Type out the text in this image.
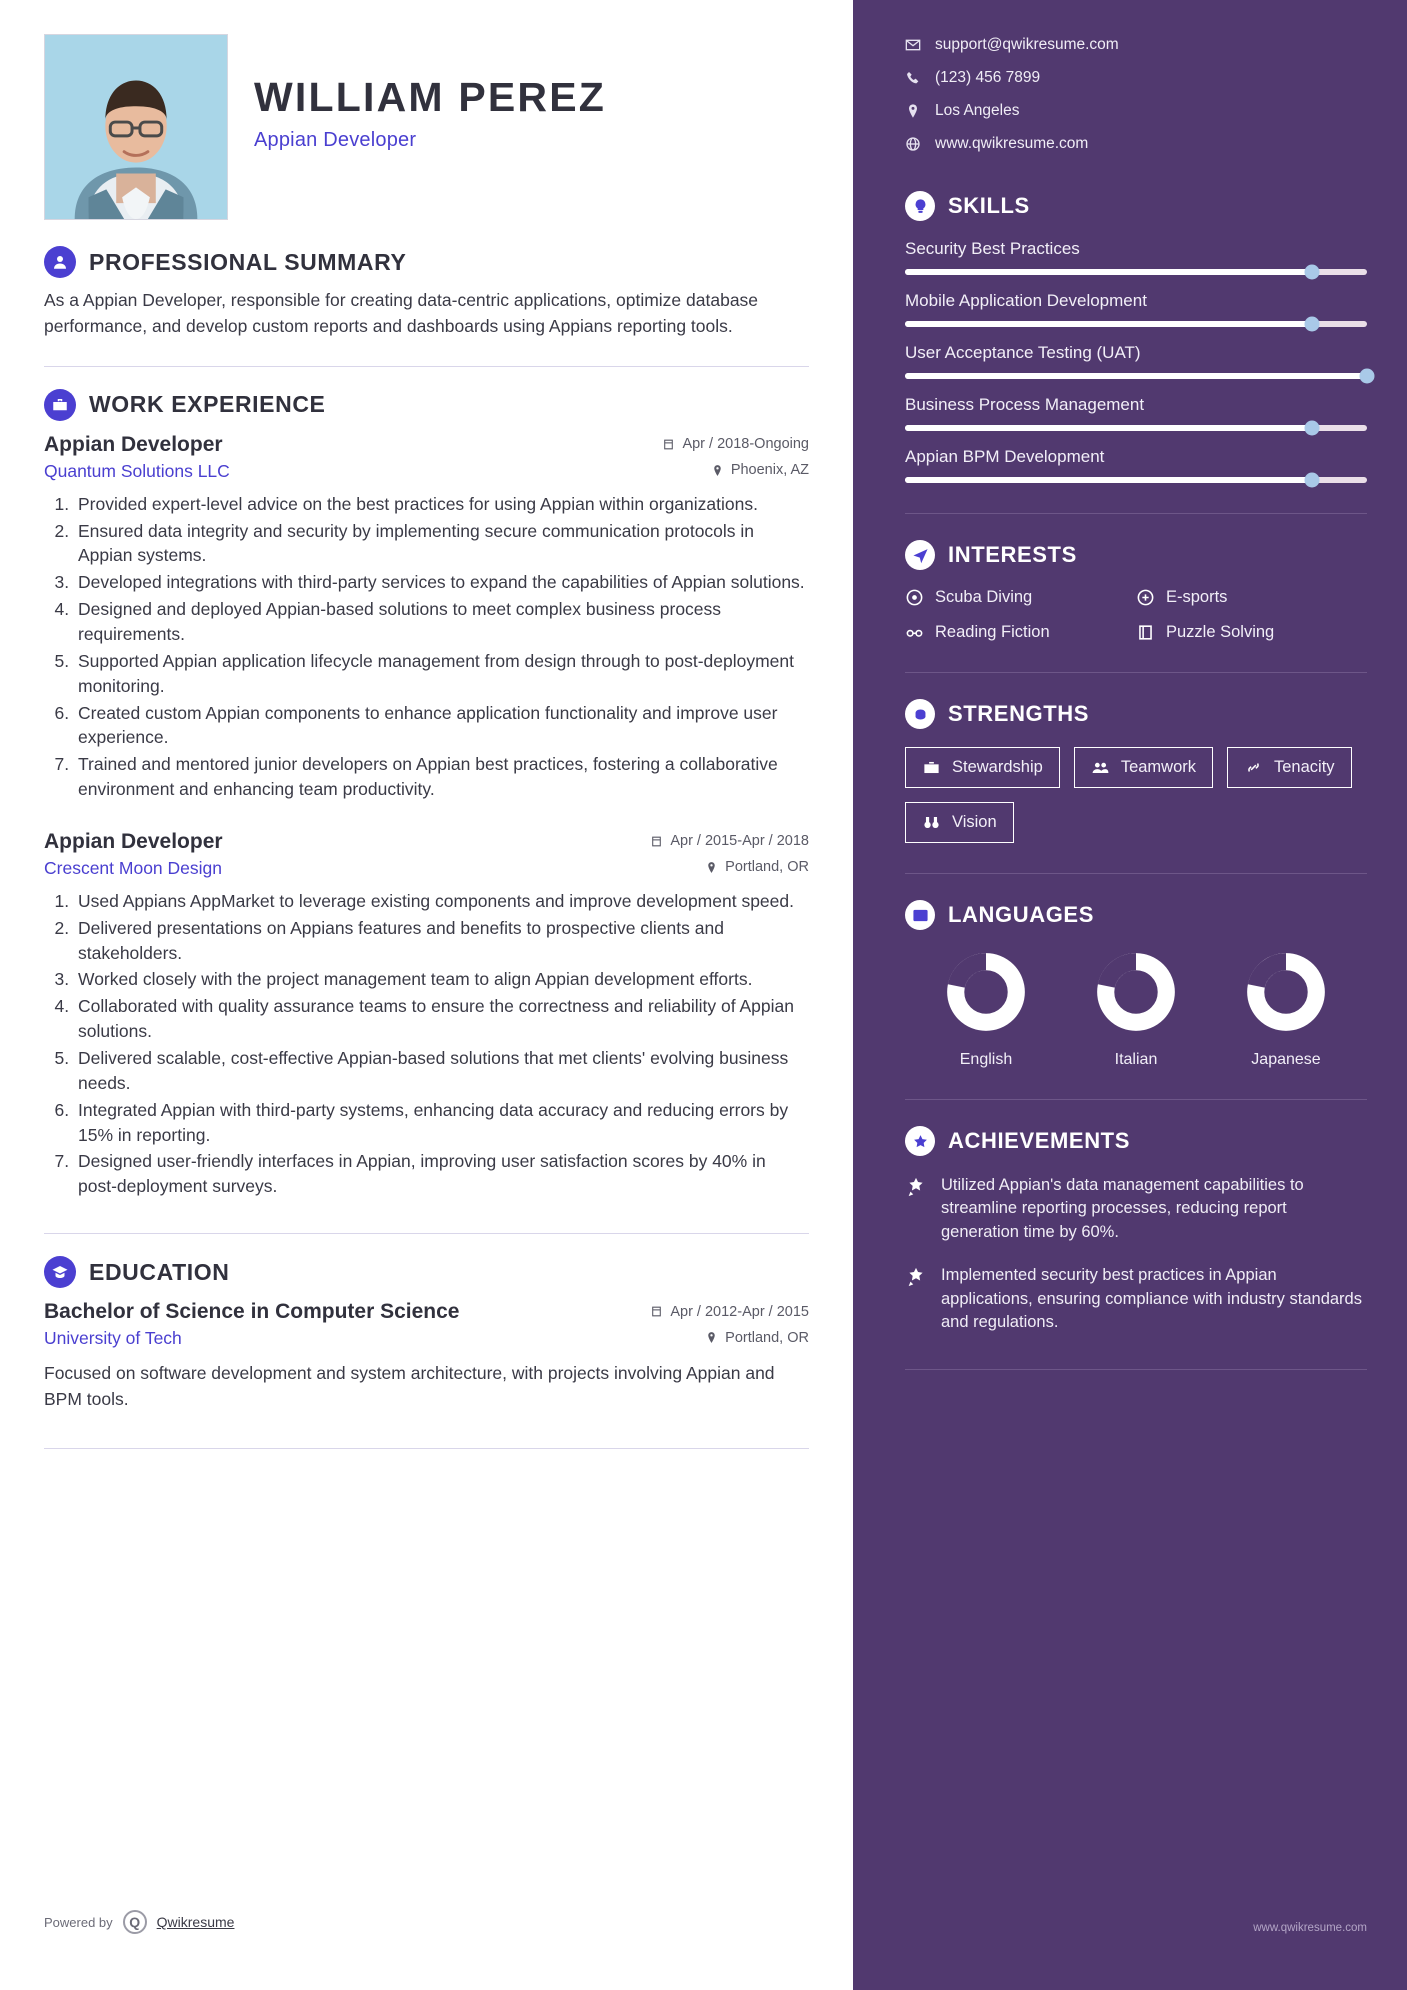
WILLIAM PEREZ

Appian Developer

PROFESSIONAL SUMMARY

As a Appian Developer, responsible for creating data-centric applications, optimize database performance, and develop custom reports and dashboards using Appians reporting tools.

WORK EXPERIENCE
Appian Developer	Apr / 2018-Ongoing
Quantum Solutions LLC	Phoenix, AZ
1. Provided expert-level advice on the best practices for using Appian within organizations.
2. Ensured data integrity and security by implementing secure communication protocols in Appian systems.
3. Developed integrations with third-party services to expand the capabilities of Appian solutions.
4. Designed and deployed Appian-based solutions to meet complex business process requirements.
5. Supported Appian application lifecycle management from design through to post-deployment monitoring.
6. Created custom Appian components to enhance application functionality and improve user experience.
7. Trained and mentored junior developers on Appian best practices, fostering a collaborative environment and enhancing team productivity.
Appian Developer	Apr / 2015-Apr / 2018
Crescent Moon Design	Portland, OR
1. Used Appians AppMarket to leverage existing components and improve development speed.
2. Delivered presentations on Appians features and benefits to prospective clients and stakeholders.
3. Worked closely with the project management team to align Appian development efforts.
4. Collaborated with quality assurance teams to ensure the correctness and reliability of Appian solutions.
5. Delivered scalable, cost-effective Appian-based solutions that met clients' evolving business needs.
6. Integrated Appian with third-party systems, enhancing data accuracy and reducing errors by 15% in reporting.
7. Designed user-friendly interfaces in Appian, improving user satisfaction scores by 40% in post-deployment surveys.
EDUCATION
Bachelor of Science in Computer Science	Apr / 2012-Apr / 2015
University of Tech	Portland, OR

Focused on software development and system architecture, with projects involving Appian and BPM tools.

Powered by	Q	Qwikresume
support@qwikresume.com
(123) 456 7899
Los Angeles
www.qwikresume.com
SKILLS
Security Best Practices
Mobile Application Development
User Acceptance Testing (UAT)
Business Process Management
Appian BPM Development
INTERESTS
Scuba Diving	E-sports
Reading Fiction	Puzzle Solving
STRENGTHS
Stewardship	Teamwork	Tenacity
Vision
LANGUAGES
English	Italian	Japanese
ACHIEVEMENTS
Utilized Appian's data management capabilities to streamline reporting processes, reducing report generation time by 60%.
Implemented security best practices in Appian applications, ensuring compliance with industry standards and regulations.
www.qwikresume.com
